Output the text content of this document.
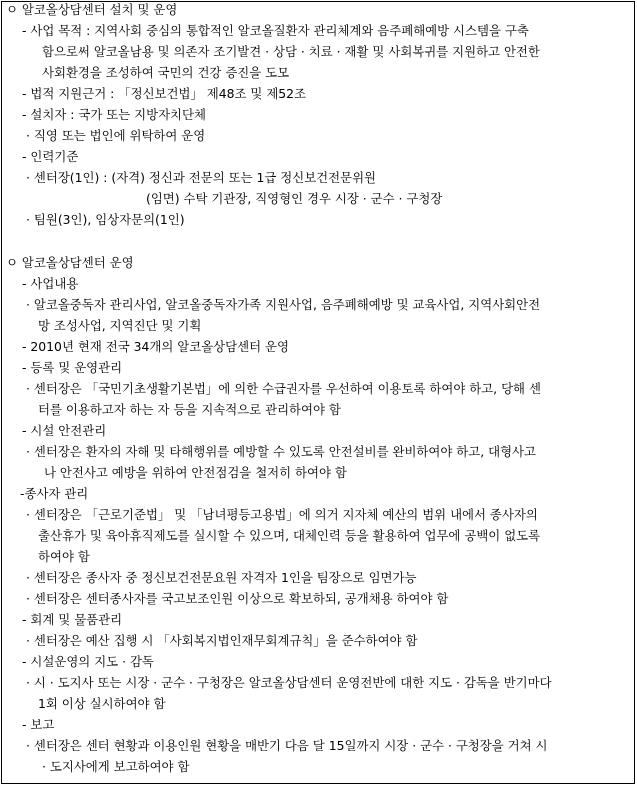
ㅇ 알코올상담센터 설치 및 운영
- 사업 목적 : 지역사회 중심의 통합적인 알코올질환자 관리체계와 음주폐해예방 시스템을 구축
함으로써 알코올남용 및 의존자 조기발견 · 상담 · 치료 · 재활 및 사회복귀를 지원하고 안전한
사회환경을 조성하여 국민의 건강 증진을 도모
- 법적 지원근거 : 「정신보건법」 제48조 및 제52조
- 설치자 : 국가 또는 지방자치단체
· 직영 또는 법인에 위탁하여 운영
- 인력기준
· 센터장(1인) : (자격) 정신과 전문의 또는 1급 정신보건전문위원
(임면) 수탁 기관장, 직영형인 경우 시장 · 군수 · 구청장
· 팀원(3인), 임상자문의(1인)
ㅇ 알코올상담센터 운영
- 사업내용
· 알코올중독자 관리사업, 알코올중독자가족 지원사업, 음주폐해예방 및 교육사업, 지역사회안전
망 조성사업, 지역진단 및 기획
- 2010년 현재 전국 34개의 알코올상담센터 운영
- 등록 및 운영관리
· 센터장은 「국민기초생활기본법」에 의한 수급권자를 우선하여 이용토록 하여야 하고, 당해 센
터를 이용하고자 하는 자 등을 지속적으로 관리하여야 함
- 시설 안전관리
· 센터장은 환자의 자해 및 타해행위를 예방할 수 있도록 안전설비를 완비하여야 하고, 대형사고
나 안전사고 예방을 위하여 안전점검을 철저히 하여야 함
-종사자 관리
· 센터장은 「근로기준법」 및 「남녀평등고용법」에 의거 지자체 예산의 범위 내에서 종사자의
출산휴가 및 육아휴직제도를 실시할 수 있으며, 대체인력 등을 활용하여 업무에 공백이 없도록
하여야 함
· 센터장은 종사자 중 정신보건전문요원 자격자 1인을 팀장으로 임면가능
· 센터장은 센터종사자를 국고보조인원 이상으로 확보하되, 공개채용 하여야 함
- 회계 및 물품관리
· 센터장은 예산 집행 시 「사회복지법인재무회계규칙」을 준수하여야 함
- 시설운영의 지도 · 감독
· 시 · 도지사 또는 시장 · 군수 · 구청장은 알코올상담센터 운영전반에 대한 지도 · 감독을 반기마다
1회 이상 실시하여야 함
- 보고
· 센터장은 센터 현황과 이용인원 현황을 매반기 다음 달 15일까지 시장 · 군수 · 구청장을 거쳐 시
· 도지사에게 보고하여야 함
